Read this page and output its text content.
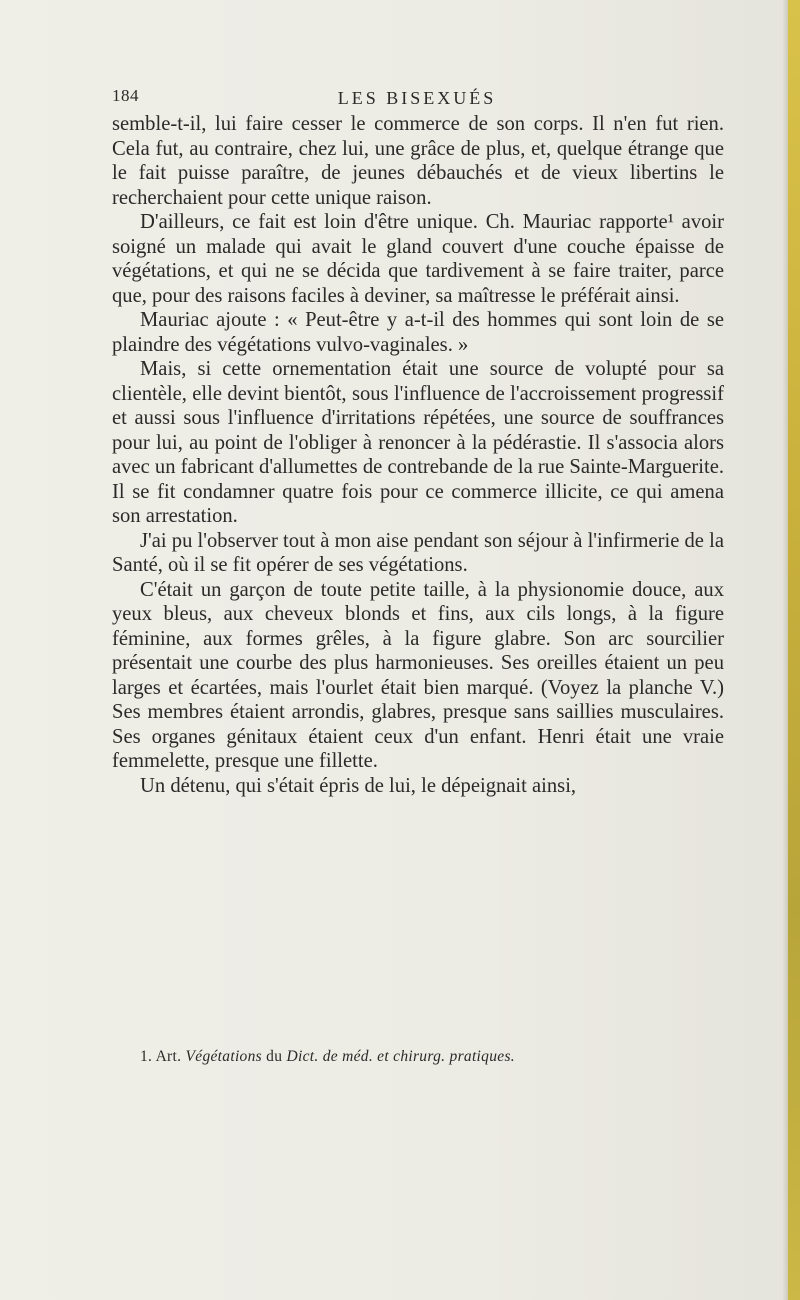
184	LES BISEXUÉS

semble-t-il, lui faire cesser le commerce de son corps. Il n'en fut rien. Cela fut, au contraire, chez lui, une grâce de plus, et, quelque étrange que le fait puisse paraître, de jeunes débauchés et de vieux libertins le recherchaient pour cette unique raison.

D'ailleurs, ce fait est loin d'être unique. Ch. Mauriac rapporte¹ avoir soigné un malade qui avait le gland couvert d'une couche épaisse de végétations, et qui ne se décida que tardivement à se faire traiter, parce que, pour des raisons faciles à deviner, sa maîtresse le préférait ainsi.

Mauriac ajoute : « Peut-être y a-t-il des hommes qui sont loin de se plaindre des végétations vulvo-vaginales. »

Mais, si cette ornementation était une source de volupté pour sa clientèle, elle devint bientôt, sous l'influence de l'accroissement progressif et aussi sous l'influence d'irritations répétées, une source de souffrances pour lui, au point de l'obliger à renoncer à la pédérastie. Il s'associa alors avec un fabricant d'allumettes de contrebande de la rue Sainte-Marguerite. Il se fit condamner quatre fois pour ce commerce illicite, ce qui amena son arrestation.

J'ai pu l'observer tout à mon aise pendant son séjour à l'infirmerie de la Santé, où il se fit opérer de ses végétations.

C'était un garçon de toute petite taille, à la physionomie douce, aux yeux bleus, aux cheveux blonds et fins, aux cils longs, à la figure féminine, aux formes grêles, à la figure glabre. Son arc sourcilier présentait une courbe des plus harmonieuses. Ses oreilles étaient un peu larges et écartées, mais l'ourlet était bien marqué. (Voyez la planche V.) Ses membres étaient arrondis, glabres, presque sans saillies musculaires. Ses organes génitaux étaient ceux d'un enfant. Henri était une vraie femmelette, presque une fillette.

Un détenu, qui s'était épris de lui, le dépeignait ainsi,

1. Art. Végétations du Dict. de méd. et chirurg. pratiques.
